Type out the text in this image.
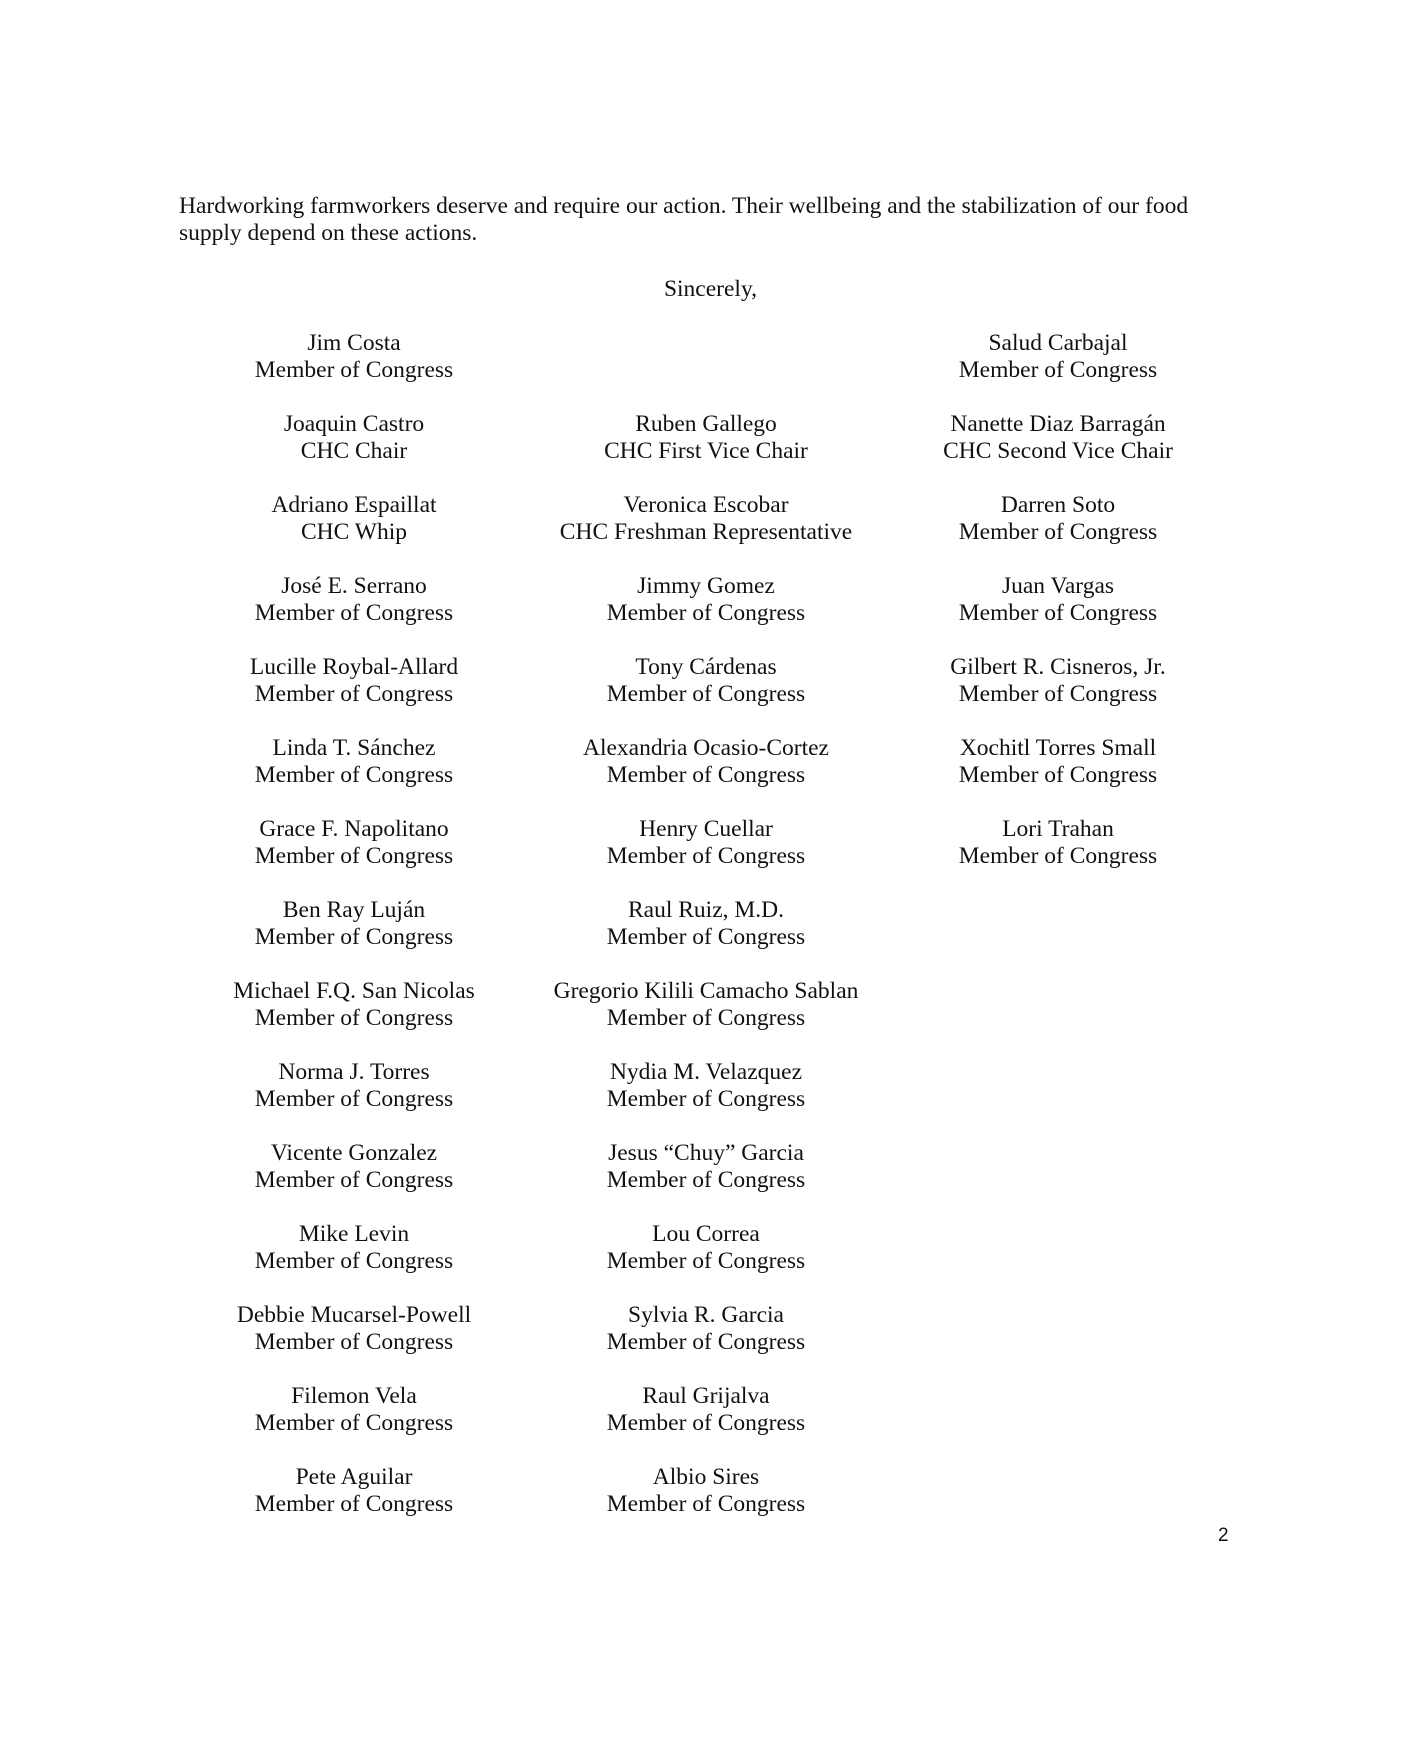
Hardworking farmworkers deserve and require our action. Their wellbeing and the stabilization of our food supply depend on these actions.

Sincerely,
Jim Costa
Member of Congress
Joaquin Castro
CHC Chair
Adriano Espaillat
CHC Whip
José E. Serrano
Member of Congress
Lucille Roybal-Allard
Member of Congress
Linda T. Sánchez
Member of Congress
Grace F. Napolitano
Member of Congress
Ben Ray Luján
Member of Congress
Michael F.Q. San Nicolas
Member of Congress
Norma J. Torres
Member of Congress
Vicente Gonzalez
Member of Congress
Mike Levin
Member of Congress
Debbie Mucarsel-Powell
Member of Congress
Filemon Vela
Member of Congress
Pete Aguilar
Member of Congress
Ruben Gallego
CHC First Vice Chair
Veronica Escobar
CHC Freshman Representative
Jimmy Gomez
Member of Congress
Tony Cárdenas
Member of Congress
Alexandria Ocasio-Cortez
Member of Congress
Henry Cuellar
Member of Congress
Raul Ruiz, M.D.
Member of Congress
Gregorio Kilili Camacho Sablan
Member of Congress
Nydia M. Velazquez
Member of Congress
Jesus “Chuy” Garcia
Member of Congress
Lou Correa
Member of Congress
Sylvia R. Garcia
Member of Congress
Raul Grijalva
Member of Congress
Albio Sires
Member of Congress
Salud Carbajal
Member of Congress
Nanette Diaz Barragán
CHC Second Vice Chair
Darren Soto
Member of Congress
Juan Vargas
Member of Congress
Gilbert R. Cisneros, Jr.
Member of Congress
Xochitl Torres Small
Member of Congress
Lori Trahan
Member of Congress
2
